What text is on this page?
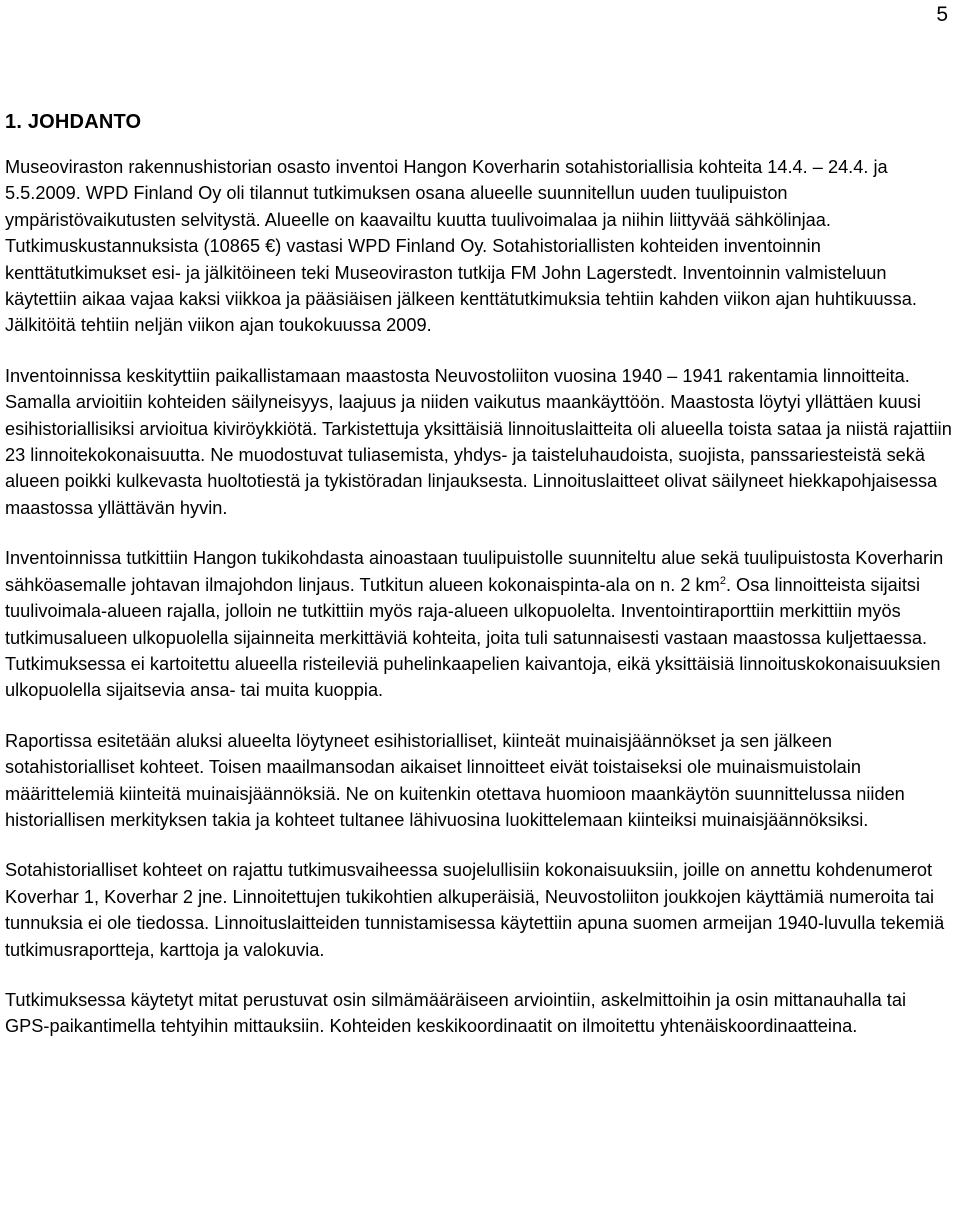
5
1. JOHDANTO

Museoviraston rakennushistorian osasto inventoi Hangon Koverharin sotahistoriallisia kohteita 14.4. – 24.4. ja 5.5.2009. WPD Finland Oy oli tilannut tutkimuksen osana alueelle suunnitellun uuden tuulipuiston ympäristövaikutusten selvitystä. Alueelle on kaavailtu kuutta tuulivoimalaa ja niihin liittyvää sähkölinjaa. Tutkimuskustannuksista (10865 €) vastasi WPD Finland Oy. Sotahistoriallisten kohteiden inventoinnin kenttätutkimukset esi- ja jälkitöineen teki Museoviraston tutkija FM John Lagerstedt. Inventoinnin valmisteluun käytettiin aikaa vajaa kaksi viikkoa ja pääsiäisen jälkeen kenttätutkimuksia tehtiin kahden viikon ajan huhtikuussa. Jälkitöitä tehtiin neljän viikon ajan toukokuussa 2009.

Inventoinnissa keskityttiin paikallistamaan maastosta Neuvostoliiton vuosina 1940 – 1941 rakentamia linnoitteita. Samalla arvioitiin kohteiden säilyneisyys, laajuus ja niiden vaikutus maankäyttöön. Maastosta löytyi yllättäen kuusi esihistoriallisiksi arvioitua kiviröykkiötä. Tarkistettuja yksittäisiä linnoituslaitteita oli alueella toista sataa ja niistä rajattiin 23 linnoitekokonaisuutta. Ne muodostuvat tuliasemista, yhdys- ja taisteluhaudoista, suojista, panssariesteistä sekä alueen poikki kulkevasta huoltotiestä ja tykistöradan linjauksesta. Linnoituslaitteet olivat säilyneet hiekkapohjaisessa maastossa yllättävän hyvin.

Inventoinnissa tutkittiin Hangon tukikohdasta ainoastaan tuulipuistolle suunniteltu alue sekä tuulipuistosta Koverharin sähköasemalle johtavan ilmajohdon linjaus. Tutkitun alueen kokonaispinta-ala on n. 2 $km^2$. Osa linnoitteista sijaitsi tuulivoimala-alueen rajalla, jolloin ne tutkittiin myös raja-alueen ulkopuolelta. Inventointiraporttiin merkittiin myös tutkimusalueen ulkopuolella sijainneita merkittäviä kohteita, joita tuli satunnaisesti vastaan maastossa kuljettaessa. Tutkimuksessa ei kartoitettu alueella risteileviä puhelinkaapelien kaivantoja, eikä yksittäisiä linnoituskokonaisuuksien ulkopuolella sijaitsevia ansa- tai muita kuoppia.

Raportissa esitetään aluksi alueelta löytyneet esihistorialliset, kiinteät muinaisjäännökset ja sen jälkeen sotahistorialliset kohteet. Toisen maailmansodan aikaiset linnoitteet eivät toistaiseksi ole muinaismuistolain määrittelemiä kiinteitä muinaisjäännöksiä. Ne on kuitenkin otettava huomioon maankäytön suunnittelussa niiden historiallisen merkityksen takia ja kohteet tultanee lähivuosina luokittelemaan kiinteiksi muinaisjäännöksiksi.

Sotahistorialliset kohteet on rajattu tutkimusvaiheessa suojelullisiin kokonaisuuksiin, joille on annettu kohdenumerot Koverhar 1, Koverhar 2 jne. Linnoitettujen tukikohtien alkuperäisiä, Neuvostoliiton joukkojen käyttämiä numeroita tai tunnuksia ei ole tiedossa. Linnoituslaitteiden tunnistamisessa käytettiin apuna suomen armeijan 1940-luvulla tekemiä tutkimusraportteja, karttoja ja valokuvia.

Tutkimuksessa käytetyt mitat perustuvat osin silmämääräiseen arviointiin, askelmittoihin ja osin mittanauhalla tai GPS-paikantimella tehtyihin mittauksiin. Kohteiden keskikoordinaatit on ilmoitettu yhtenäiskoordinaatteina.
